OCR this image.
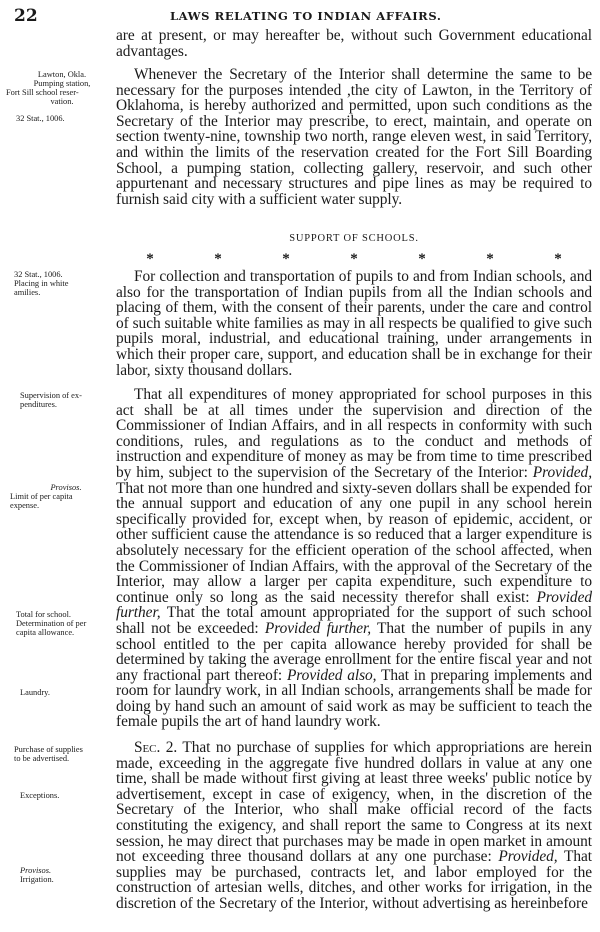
22	LAWS RELATING TO INDIAN AFFAIRS.
Lawton, Okla.
Pumping station,
Fort Sill school reser-
vation.
32 Stat., 1006.
32 Stat., 1006.
Placing in white
amilies.
Supervision of ex-
penditures.
Provisos.
Limit of per capita
expense.
Total for school.
Determination of per
capita allowance.
Laundry.
Purchase of supplies
to be advertised.
Exceptions.
Provisos.
Irrigation.

are at present, or may hereafter be, without such Government educational advantages.

Whenever the Secretary of the Interior shall determine the same to be necessary for the purposes intended ,the city of Lawton, in the Territory of Oklahoma, is hereby authorized and permitted, upon such conditions as the Secretary of the Interior may prescribe, to erect, maintain, and operate on section twenty-nine, township two north, range eleven west, in said Territory, and within the limits of the reservation created for the Fort Sill Boarding School, a pumping station, collecting gallery, reservoir, and such other appurtenant and necessary structures and pipe lines as may be required to furnish said city with a sufficient water supply.

SUPPORT OF SCHOOLS.
*	*	*	*	*	*	*

For collection and transportation of pupils to and from Indian schools, and also for the transportation of Indian pupils from all the Indian schools and placing of them, with the consent of their parents, under the care and control of such suitable white families as may in all respects be qualified to give such pupils moral, industrial, and educational training, under arrangements in which their proper care, support, and education shall be in exchange for their labor, sixty thousand dollars.

That all expenditures of money appropriated for school purposes in this act shall be at all times under the supervision and direction of the Commissioner of Indian Affairs, and in all respects in conformity with such conditions, rules, and regulations as to the conduct and methods of instruction and expenditure of money as may be from time to time prescribed by him, subject to the supervision of the Secretary of the Interior: Provided, That not more than one hundred and sixty-seven dollars shall be expended for the annual support and education of any one pupil in any school herein specifically provided for, except when, by reason of epidemic, accident, or other sufficient cause the attendance is so reduced that a larger expenditure is absolutely necessary for the efficient operation of the school affected, when the Commissioner of Indian Affairs, with the approval of the Secretary of the Interior, may allow a larger per capita expenditure, such expenditure to continue only so long as the said necessity therefor shall exist: Provided further, That the total amount appropriated for the support of such school shall not be exceeded: Provided further, That the number of pupils in any school entitled to the per capita allowance hereby provided for shall be determined by taking the average enrollment for the entire fiscal year and not any fractional part thereof: Provided also, That in preparing implements and room for laundry work, in all Indian schools, arrangements shall be made for doing by hand such an amount of said work as may be sufficient to teach the female pupils the art of hand laundry work.

Sec. 2. That no purchase of supplies for which appropriations are herein made, exceeding in the aggregate five hundred dollars in value at any one time, shall be made without first giving at least three weeks' public notice by advertisement, except in case of exigency, when, in the discretion of the Secretary of the Interior, who shall make official record of the facts constituting the exigency, and shall report the same to Congress at its next session, he may direct that purchases may be made in open market in amount not exceeding three thousand dollars at any one purchase: Provided, That supplies may be purchased, contracts let, and labor employed for the construction of artesian wells, ditches, and other works for irrigation, in the discretion of the Secretary of the Interior, without advertising as hereinbefore
